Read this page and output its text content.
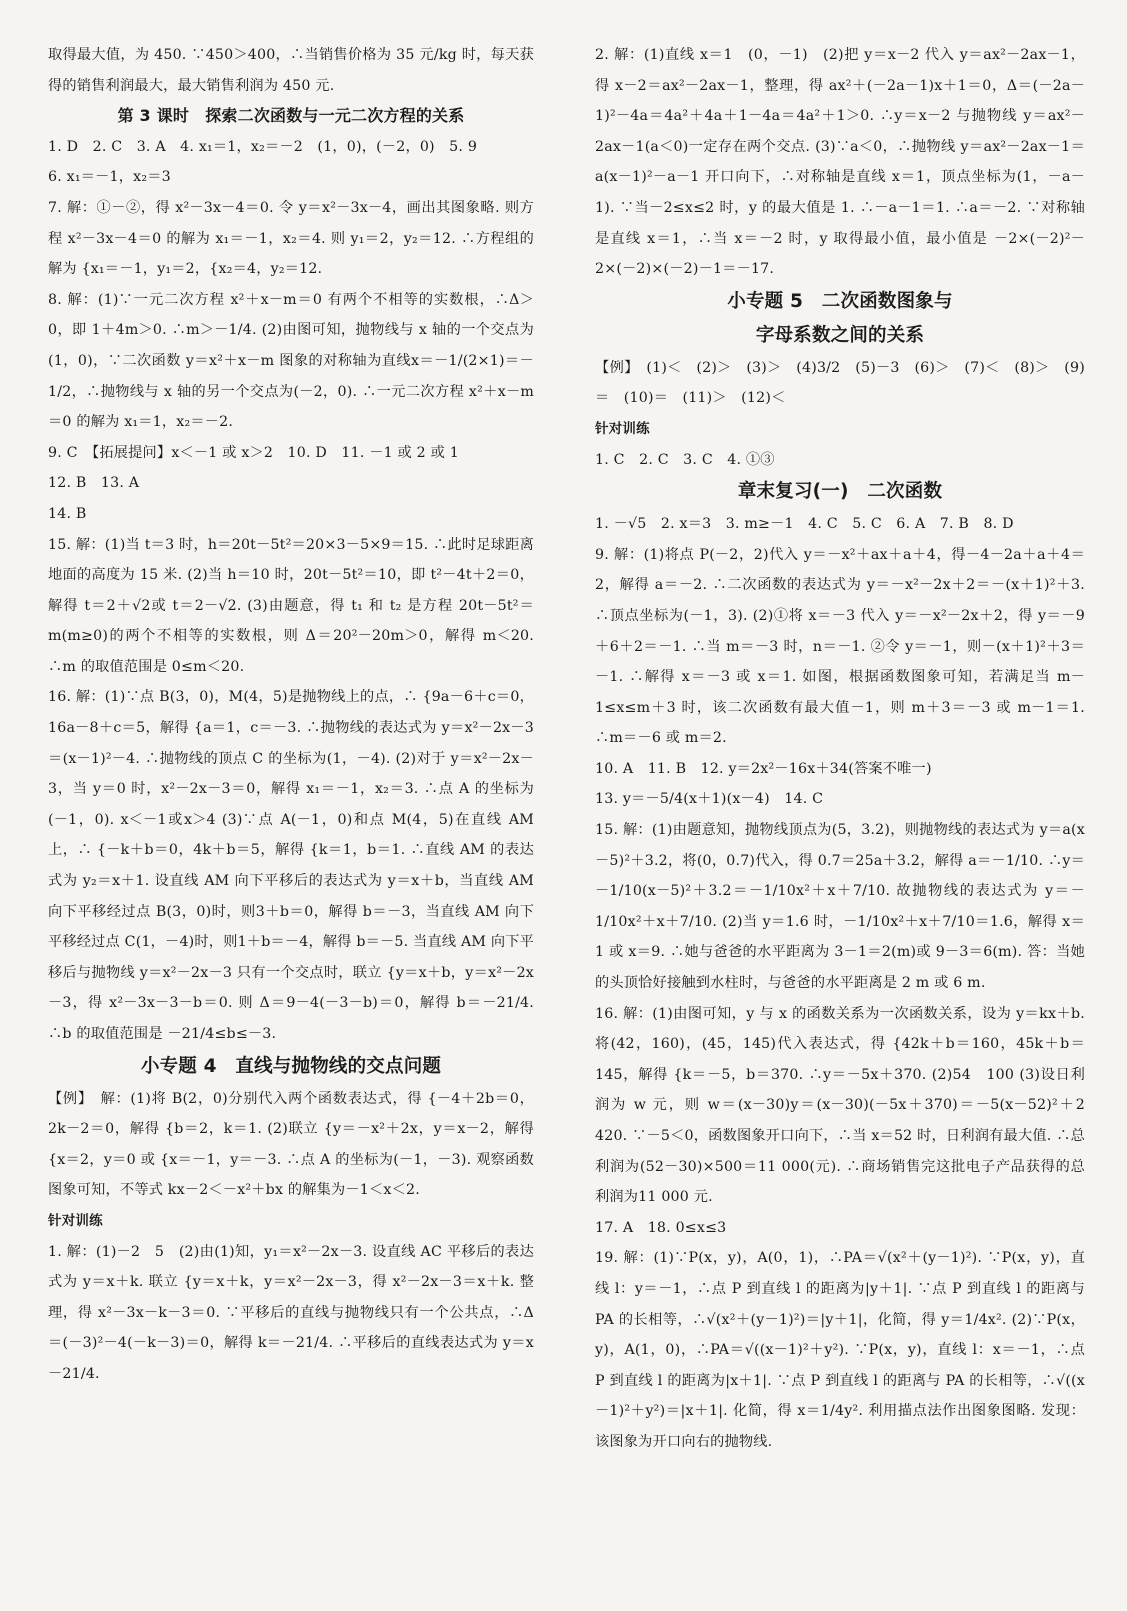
取得最大值，为 450. ∵450＞400，∴当销售价格为 35 元/kg 时，每天获得的销售利润最大，最大销售利润为 450 元.

第 3 课时　探索二次函数与一元二次方程的关系

1. D　2. C　3. A　4. x₁＝1，x₂＝－2　(1，0)，(－2，0)　5. 9

6. x₁＝－1，x₂＝3

7. 解：①－②，得 x²－3x－4＝0. 令 y＝x²－3x－4，画出其图象略. 则方程 x²－3x－4＝0 的解为 x₁＝－1，x₂＝4. 则 y₁＝2，y₂＝12. ∴方程组的解为 {x₁＝－1，y₁＝2，{x₂＝4，y₂＝12.

8. 解：(1)∵一元二次方程 x²＋x－m＝0 有两个不相等的实数根，∴Δ＞0，即 1＋4m＞0. ∴m＞－1/4. (2)由图可知，抛物线与 x 轴的一个交点为(1，0)，∵二次函数 y＝x²＋x－m 图象的对称轴为直线x＝－1/(2×1)＝－1/2，∴抛物线与 x 轴的另一个交点为(－2，0). ∴一元二次方程 x²＋x－m＝0 的解为 x₁＝1，x₂＝－2.

9. C　【拓展提问】x＜－1 或 x＞2　10. D　11. －1 或 2 或 1

12. B　13. A

14. B

15. 解：(1)当 t＝3 时，h＝20t－5t²＝20×3－5×9＝15. ∴此时足球距离地面的高度为 15 米. (2)当 h＝10 时，20t－5t²＝10，即 t²－4t＋2＝0，解得 t＝2＋√2或 t＝2－√2. (3)由题意，得 t₁ 和 t₂ 是方程 20t－5t²＝m(m≥0)的两个不相等的实数根，则 Δ＝20²－20m＞0，解得 m＜20. ∴m 的取值范围是 0≤m＜20.

16. 解：(1)∵点 B(3，0)，M(4，5)是抛物线上的点，∴ {9a－6＋c＝0，16a－8＋c＝5，解得 {a＝1，c＝－3. ∴抛物线的表达式为 y＝x²－2x－3＝(x－1)²－4. ∴抛物线的顶点 C 的坐标为(1，－4). (2)对于 y＝x²－2x－3，当 y＝0 时，x²－2x－3＝0，解得 x₁＝－1，x₂＝3. ∴点 A 的坐标为(－1，0). x＜－1或x＞4 (3)∵点 A(－1，0)和点 M(4，5)在直线 AM 上，∴ {－k＋b＝0，4k＋b＝5，解得 {k＝1，b＝1. ∴直线 AM 的表达式为 y₂＝x＋1. 设直线 AM 向下平移后的表达式为 y＝x＋b，当直线 AM 向下平移经过点 B(3，0)时，则3＋b＝0，解得 b＝－3，当直线 AM 向下平移经过点 C(1，－4)时，则1＋b＝－4，解得 b＝－5. 当直线 AM 向下平移后与抛物线 y＝x²－2x－3 只有一个交点时，联立 {y＝x＋b，y＝x²－2x－3，得 x²－3x－3－b＝0. 则 Δ＝9－4(－3－b)＝0，解得 b＝－21/4. ∴b 的取值范围是 －21/4≤b≤－3.

小专题 4　直线与抛物线的交点问题

【例】　解：(1)将 B(2，0)分别代入两个函数表达式，得 {－4＋2b＝0，2k－2＝0，解得 {b＝2，k＝1. (2)联立 {y＝－x²＋2x，y＝x－2，解得 {x＝2，y＝0 或 {x＝－1，y＝－3. ∴点 A 的坐标为(－1，－3). 观察函数图象可知，不等式 kx－2＜－x²＋bx 的解集为－1＜x＜2.

针对训练

1. 解：(1)－2　5　(2)由(1)知，y₁＝x²－2x－3. 设直线 AC 平移后的表达式为 y＝x＋k. 联立 {y＝x＋k，y＝x²－2x－3，得 x²－2x－3＝x＋k. 整理，得 x²－3x－k－3＝0. ∵平移后的直线与抛物线只有一个公共点，∴Δ＝(－3)²－4(－k－3)＝0，解得 k＝－21/4. ∴平移后的直线表达式为 y＝x－21/4.

2. 解：(1)直线 x＝1　(0，－1)　(2)把 y＝x－2 代入 y＝ax²－2ax－1，得 x－2＝ax²－2ax－1，整理，得 ax²＋(－2a－1)x＋1＝0，Δ＝(－2a－1)²－4a＝4a²＋4a＋1－4a＝4a²＋1＞0. ∴y＝x－2 与抛物线 y＝ax²－2ax－1(a＜0)一定存在两个交点. (3)∵a＜0，∴抛物线 y＝ax²－2ax－1＝a(x－1)²－a－1 开口向下，∴对称轴是直线 x＝1，顶点坐标为(1，－a－1). ∵当－2≤x≤2 时，y 的最大值是 1. ∴－a－1＝1. ∴a＝－2. ∵对称轴是直线 x＝1，∴当 x＝－2 时，y 取得最小值，最小值是 －2×(－2)²－2×(－2)×(－2)－1＝－17.

小专题 5　二次函数图象与
字母系数之间的关系

【例】　(1)＜　(2)＞　(3)＞　(4)3/2　(5)－3　(6)＞　(7)＜　(8)＞　(9)＝　(10)＝　(11)＞　(12)＜

针对训练

1. C　2. C　3. C　4. ①③

章末复习(一)　二次函数

1. －√5　2. x＝3　3. m≥－1　4. C　5. C　6. A　7. B　8. D

9. 解：(1)将点 P(－2，2)代入 y＝－x²＋ax＋a＋4，得－4－2a＋a＋4＝2，解得 a＝－2. ∴二次函数的表达式为 y＝－x²－2x＋2＝－(x＋1)²＋3. ∴顶点坐标为(－1，3). (2)①将 x＝－3 代入 y＝－x²－2x＋2，得 y＝－9＋6＋2＝－1. ∴当 m＝－3 时，n＝－1. ②令 y＝－1，则－(x＋1)²＋3＝－1. ∴解得 x＝－3 或 x＝1. 如图，根据函数图象可知，若满足当 m－1≤x≤m＋3 时，该二次函数有最大值－1，则 m＋3＝－3 或 m－1＝1. ∴m＝－6 或 m＝2.

10. A　11. B　12. y＝2x²－16x＋34(答案不唯一)

13. y＝－5/4(x＋1)(x－4)　14. C

15. 解：(1)由题意知，抛物线顶点为(5，3.2)，则抛物线的表达式为 y＝a(x－5)²＋3.2，将(0，0.7)代入，得 0.7＝25a＋3.2，解得 a＝－1/10. ∴y＝－1/10(x－5)²＋3.2＝－1/10x²＋x＋7/10. 故抛物线的表达式为 y＝－1/10x²＋x＋7/10. (2)当 y＝1.6 时，－1/10x²＋x＋7/10＝1.6，解得 x＝1 或 x＝9. ∴她与爸爸的水平距离为 3－1＝2(m)或 9－3＝6(m). 答：当她的头顶恰好接触到水柱时，与爸爸的水平距离是 2 m 或 6 m.

16. 解：(1)由图可知，y 与 x 的函数关系为一次函数关系，设为 y＝kx＋b. 将(42，160)，(45，145)代入表达式，得 {42k＋b＝160，45k＋b＝145，解得 {k＝－5，b＝370. ∴y＝－5x＋370. (2)54　100 (3)设日利润为 w 元，则 w＝(x－30)y＝(x－30)(－5x＋370)＝－5(x－52)²＋2 420. ∵－5＜0，函数图象开口向下，∴当 x＝52 时，日利润有最大值. ∴总利润为(52－30)×500＝11 000(元). ∴商场销售完这批电子产品获得的总利润为11 000 元.

17. A　18. 0≤x≤3

19. 解：(1)∵P(x，y)，A(0，1)，∴PA＝√(x²＋(y－1)²). ∵P(x，y)，直线 l：y＝－1，∴点 P 到直线 l 的距离为|y＋1|. ∵点 P 到直线 l 的距离与 PA 的长相等，∴√(x²＋(y－1)²)＝|y＋1|，化简，得 y＝1/4x². (2)∵P(x，y)，A(1，0)，∴PA＝√((x－1)²＋y²). ∵P(x，y)，直线 l：x＝－1，∴点 P 到直线 l 的距离为|x＋1|. ∵点 P 到直线 l 的距离与 PA 的长相等，∴√((x－1)²＋y²)＝|x＋1|. 化简，得 x＝1/4y². 利用描点法作出图象图略. 发现：该图象为开口向右的抛物线.
